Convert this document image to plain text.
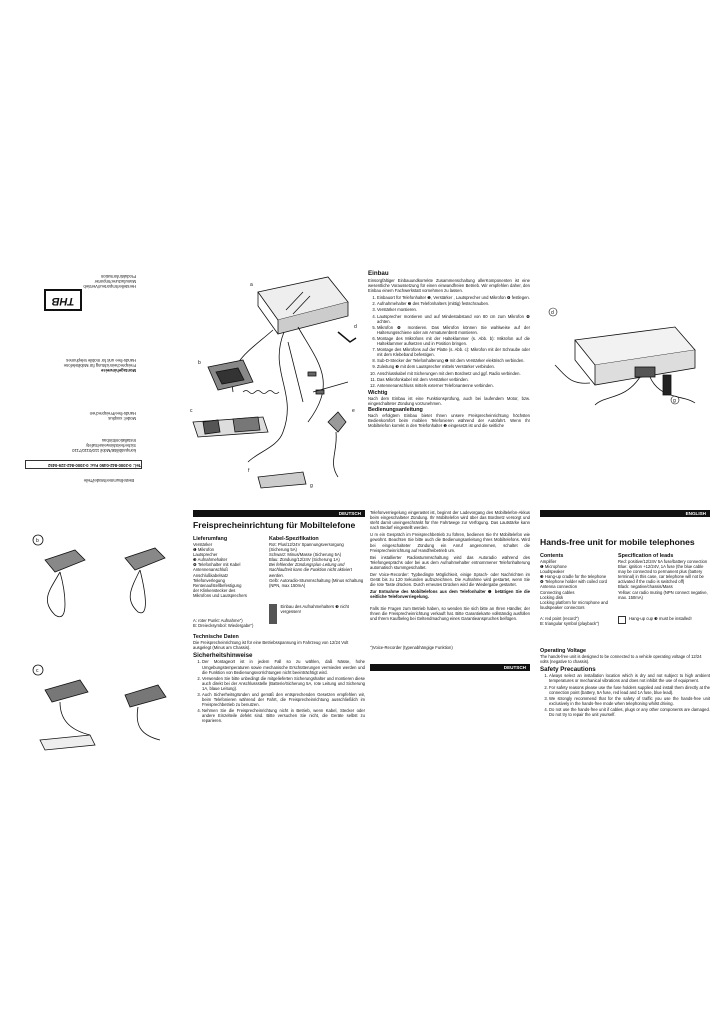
Bestellnummer/Model/Teile
Tel.: 0-2000-842-0450 Fax: 0-2000-842-229-0452
kompatibilität/Mobil 110/0110/7110
Sicherheitshinweise/Safety
Installation/Einbau
Model: xxxplus
Hands-free/Freisprechen
Montagehinweise
Freisprecheinrichtung für Mobiltelefone
Hands-free unit for mobile telephones
THB
Hersteller/Importeur/Vertrieb
Manufacturer/Importer
Produktinformation
a
b
c
d
e
f
g
Einbau
Einsorgfältiger Einbauundkorrekte Zusammenschaltung allerKomponenten ist eine wesentliche Voraussetzung für einen einwandfreien Betrieb. Wir empfehlen daher, den Einbau einem Fachwerkstatt vornehmen zu lassen.
1. Einbauort für Telefonhalter ❶, Verstärker , Lautsprecher und Mikrofon ❹ festlegen.
2. Aufnahmehalter ❸ des Telefonhalters (mittig) festschrauben.
3. Verstärker montieren.
4. Lautsprecher montieren und auf Mindestabstand von 80 cm zum Mikrofon ❹ achten.
5. Mikrofon ❹ montieren. Das Mikrofon können Sie wahlweise auf der Halterungsschiene oder am Armaturenbrett montieren.
6. Montage des Mikrofons mit der Halteklammer (s. Abb. b): Mikrofon auf die Halteklammer aufsetzen und in Position bringen.
7. Montage des Mikrofons auf der Platte (s. Abb. c): Mikrofon mit der Schraube oder mit dem Klebeband befestigen.
8. Sub-D-Stecker der Telefonhalterung ❶ mit dem Verstärker elektrisch verbinden.
9. Zuleitung ❸ mit dem Lautsprecher mittels Verstärker verbinden.
10. Anschlusskabel mit Sicherungen mit dem Bordnetz und ggf. Radio verbinden.
11. Das Mikrofonkabel mit dem Verstärker verbinden.
12. Antennenanschluss mittels externer Telefonantenne verbinden.
Wichtig
Nach dem Einbau ist eine Funktionsprüfung, auch bei laufendem Motor, bzw. eingeschalteter Zündung vorzunehmen.
Bedienungsanleitung
Nach erfolgtem Einbau bietet Ihnen unsere Freisprecheinrichtung höchsten Bedienkomfort beim mobilen Telefonieren während der Autofahrt. Wenn Ihr Mobiltelefon korrekt in den Telefonhalter ❶ eingesetzt ist und die seitliche
d
g
b
c
DEUTSCH
Freisprecheinrichtung für Mobiltelefone
Lieferumfang
Verstärker
❶ Mikrofon
Lautsprecher
❸ Aufnahmehalter
❹ Telefonhalter mit Kabel
Antennenanschluß
Anschlußkabelsatz
Telefonverlegung
Rentenaufstellbefestigung
der Klinkenstecker des
Mikrofons und Lautsprechers
Kabel-Spezifikation
Rot: Plus/12/24V Spannungsversorgung (Sicherung 5A)
Schwarz: Minus/Masse (Sicherung 5A)
Blau: Zündung/12/24V (Sicherung 1A)
Bei fehlender Zündungsplus-Leitung und Nachlaufzeit kann die Funktion nicht aktiviert werden.
Gelb: Autoradio-Stummschaltung (Minus schaltung (NPN, max 150mA)
A: roter Punkt: Aufnahme")
B: Dreiecksymbol: Wiedergabe")
Einbau des Aufnahmehalters ❸ nicht vergessen!
Technische Daten
Die Freisprecheinrichtung ist für eine Betriebsspannung im Fahrzeug von 12/24 Volt ausgelegt (Minus am Chassis).
Sicherheitshinweise
1. Der Montageort ist in jedem Fall so zu wählen, daß Nässe, hohe Umgebungstemperaturen sowie mechanische Erschütterungen vermieden werden und die Funktion von Bedienungsvorrichtungen nicht beeinträchtigt wird.
2. Verwenden Sie bitte unbedingt die mitgelieferten Sicherungshalter und montieren diese auch direkt bei der Anschlussstelle (Batterie/Sicherung 5A, rote Leitung und Sicherung 1A, blaue Leitung).
3. Auch Sicherheitsgründen und gemäß den entsprechenden Gesetzen empfehlen wir, beim Telefonieren während der Fahrt, die Freisprecheinrichtung ausschließlich im Freisprechbetrieb zu benutzen.
4. Nehmen Sie die Freisprecheinrichtung nicht in Betrieb, wenn Kabel, Stecker oder andere Einzelteile defekt sind. Bitte versuchen Sie nicht, die Geräte selbst zu reparieren.
Telefonverriegelung eingerastet ist, beginnt der Ladevorgang des Mobiltelefon-Akkus beim eingeschalteter Zündung. Ihr Mobiltelefon wird über das Bordnetz versorgt und steht damit uneingeschränkt für Ihre Fahrtwege zur Verfügung. Das Lautstärke kann nach Bedarf eingestellt werden.
U m ein Gespräch im Freisprechbetrieb zu führen, bedienen Sie Ihr Mobiltelefon wie gewohnt. Beachten Sie bitte auch die Bedienungsanleitung Ihres Mobiltelefons. Wird bei eingeschalteter Zündung ein Anruf angenommen, schaltet die Freisprecheinrichtung auf Handfreibetrieb um.
Bei installierter Radiostummschaltung wird das Autoradio während des Telefongesprächs oder bei aus dem Aufnahmehalter entnommener Telefonhalterung automatisch stummgeschaltet.
Der Voice-Recorder: Typbedingte Möglichkeit, einige Sprach- oder Nachrichten im Gerät bis zu 120 Sekunden aufzuzeichnen. Die Aufnahme wird gestartet, wenn Sie die rote Taste drücken. Durch erneutes Drücken wird die Wiedergabe gestartet.
Zur Entnahme des Mobiltelefons aus dem Telefonhalter ❶ betätigen Sie die seitliche Telefonverriegelung.
Falls Sie Fragen zum Betrieb haben, so wenden Sie sich bitte an Ihren Händler, der Ihnen die Freisprecheinrichtung verkauft hat. Bitte Garantiekarte vollständig ausfüllen und Ihrem Kaufbeleg bei Geltendmachung eines Garantieanspruches beifügen.
")Voice-Recorder (typenabhängige Funktion)
DEUTSCH
ENGLISH
Hands-free unit for mobile telephones
Contents
Amplifier
❶ Microphone
Loudspeaker
❸ Hang-up cradle for the telephone
❹ Telephone holder with coiled cord
Antenna connection
Connecting cables
Locking disk
Locking platform for microphone and loudspeaker connectors
Specification of leads
Red: positive/12/24V 5A fuse/battery connection
Blue: ignition +12/24V, 1A fuse (the blue cable may be connected to permanent plus (battery terminal) in this case, car telephone will not be activated if the radio is switched off)
Black: negative/chassis/Mass
Yellow: car radio muting (NPN connect negative, max. 150mA)
A: red point (record")
B: triangular symbol (playback")
Hang-up cup ❸ must be installed!
Operating Voltage
The hands-free unit is designed to be connected to a vehicle operating voltage of 12/24 volts (negative to chassis).
Safety Precautions
1. Always select an installation location which is dry and not subject to high ambient temperatures or mechanical vibrations and does not inhibit the use of equipment.
2. For safety reasons please use the fuse holders supplied and install them directly at the connection point (battery, 5A fuse, red lead and 1A fuse, blue lead).
3. We strongly recommend that for the safety of traffic you use the hands-free unit exclusively in the hands-free mode when telephoning whilst driving.
4. Do not use the hands-free unit if cables, plugs or any other components are damaged. Do not try to repair the unit yourself.
